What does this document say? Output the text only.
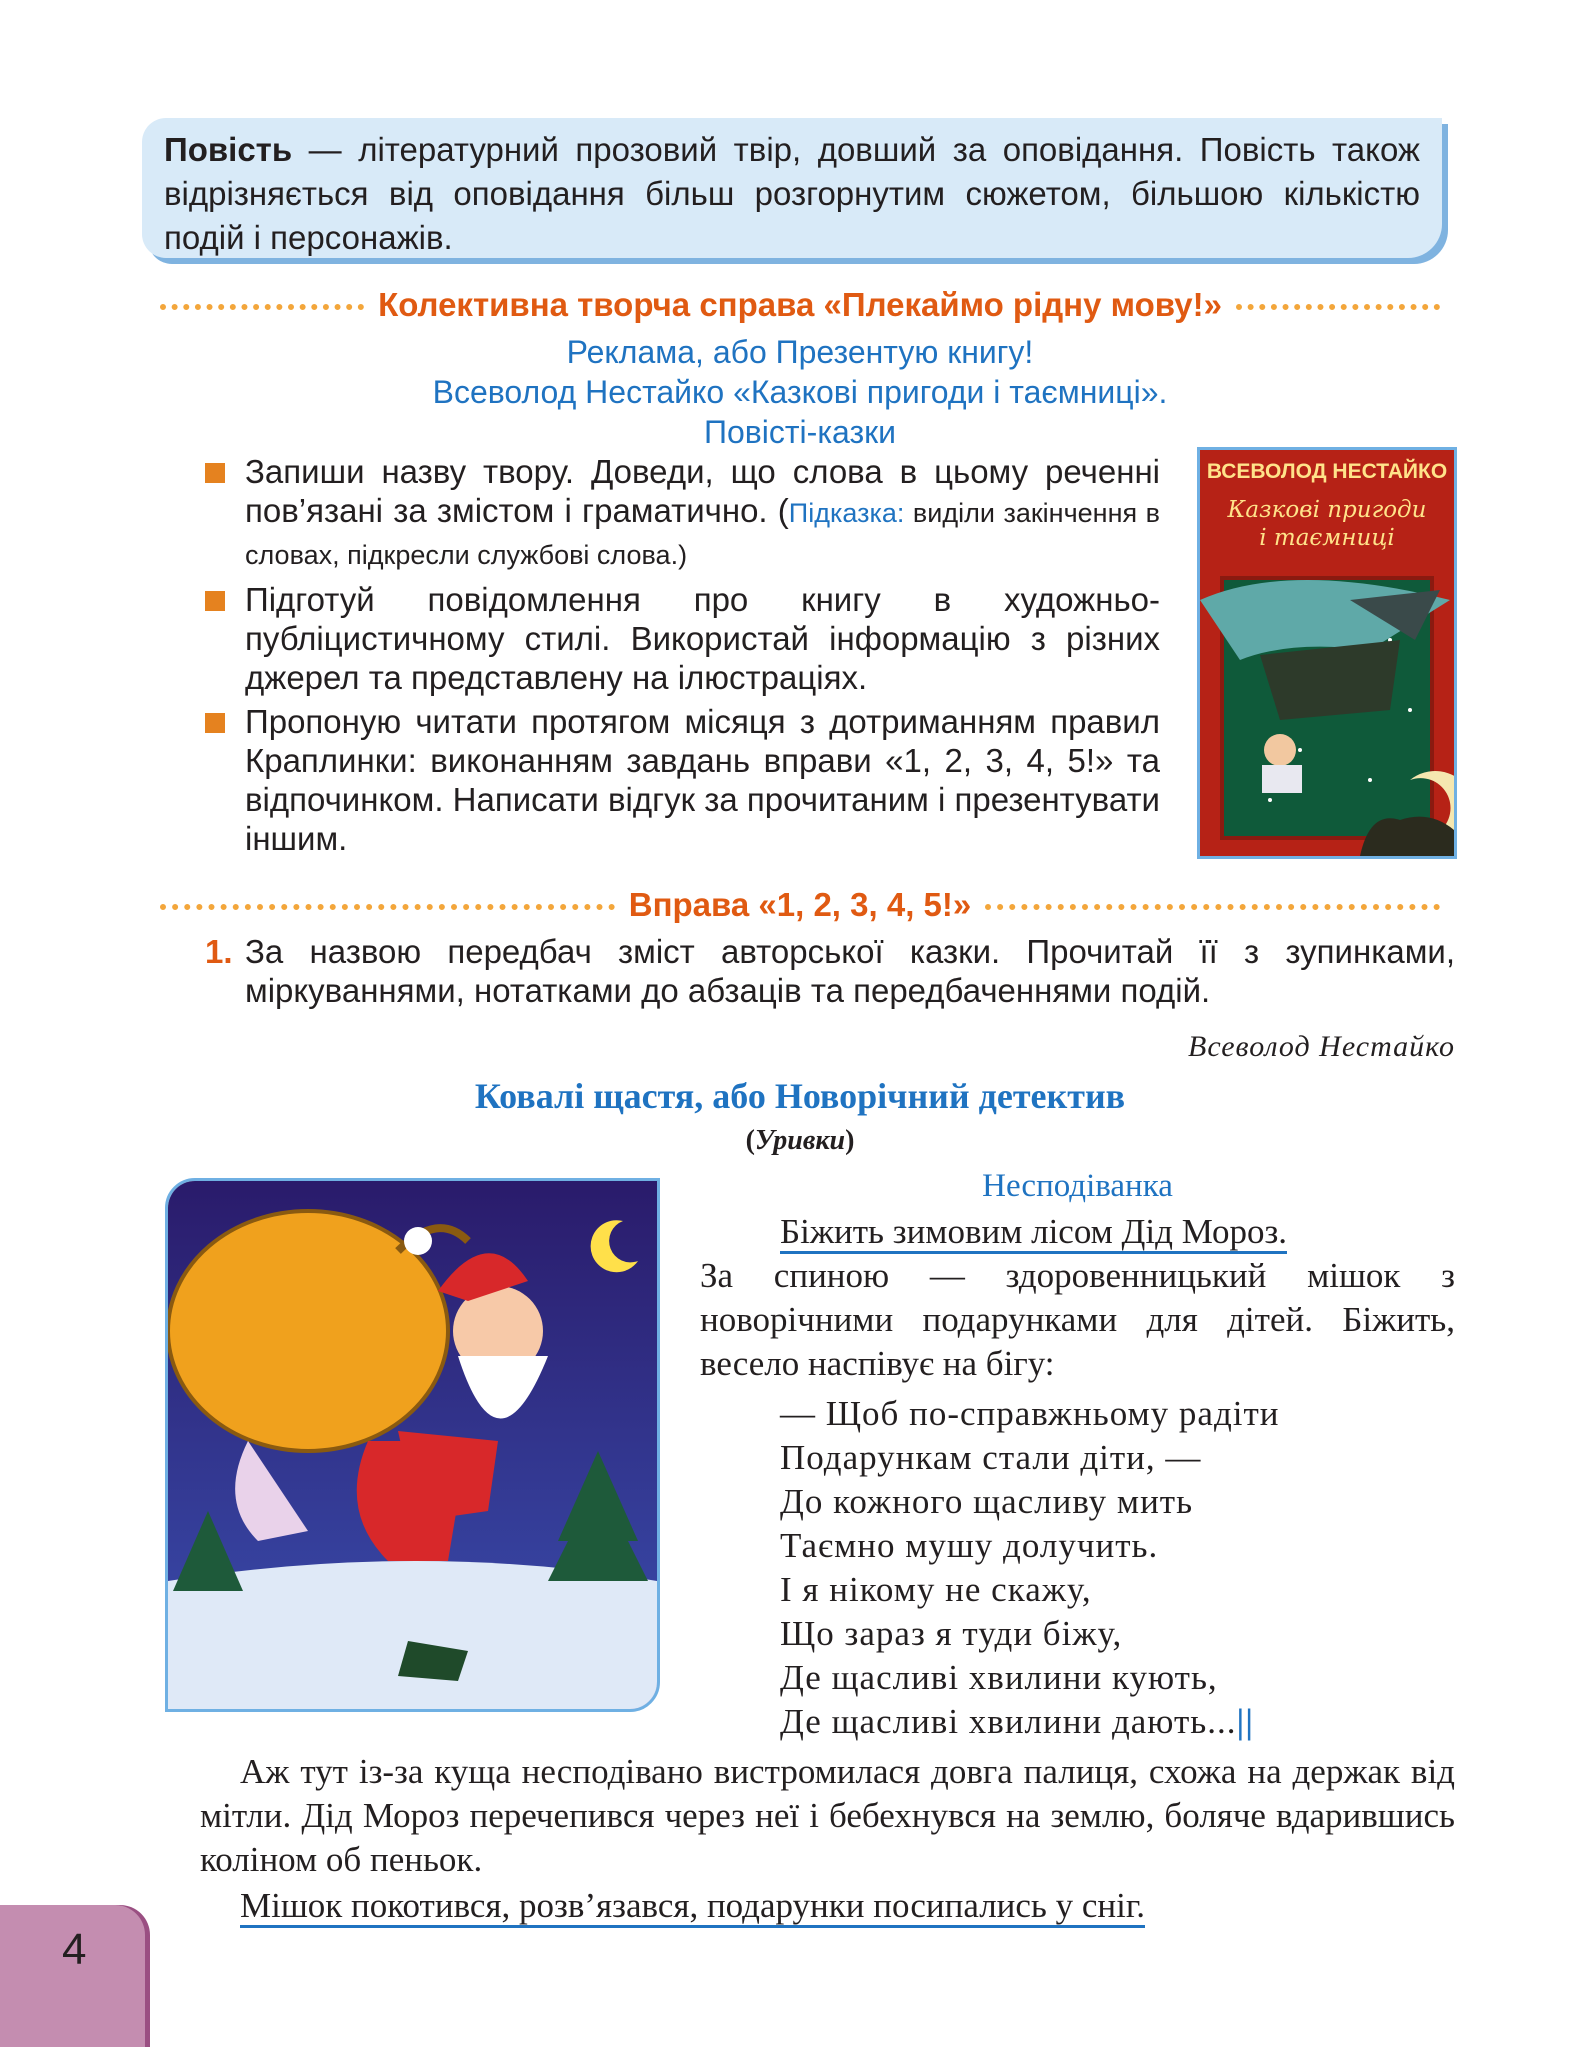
Повість — літературний прозовий твір, довший за оповідання. Повість також відрізняється від оповідання більш розгорнутим сюжетом, більшою кількістю подій і персонажів.
Колективна творча справа «Плекаймо рідну мову!»
Реклама, або Презентую книгу!
Всеволод Нестайко «Казкові пригоди і таємниці».
Повісті-казки
Запиши назву твору. Доведи, що слова в цьому реченні пов’язані за змістом і граматично. (Підказка: виділи закінчення в словах, підкресли службові слова.)
Підготуй повідомлення про книгу в художньо-публіцистичному стилі. Використай інформацію з різних джерел та представлену на ілюстраціях.
Пропоную читати протягом місяця з дотриманням правил Краплинки: виконанням завдань вправи «1, 2, 3, 4, 5!» та відпочинком. Написати відгук за прочитаним і презентувати іншим.
ВСЕВОЛОД НЕСТАЙКО
Казкові пригоди
і таємниці
Вправа «1, 2, 3, 4, 5!»
1. За назвою передбач зміст авторської казки. Прочитай її з зупинками, міркуваннями, нотатками до абзаців та передбаченнями подій.
Всеволод Нестайко
Ковалі щастя, або Новорічний детектив
(Уривки)
Несподіванка
Біжить зимовим лісом Дід Мороз.
За спиною — здоровенницький мішок з новорічними подарунками для дітей. Біжить, весело наспівує на бігу:
— Щоб по-справжньому радіти
Подарункам стали діти, —
До кожного щасливу мить
Таємно мушу долучить.
І я нікому не скажу,
Що зараз я туди біжу,
Де щасливі хвилини кують,
Де щасливі хвилини дають...||
Аж тут із-за куща несподівано вистромилася довга палиця, схожа на держак від мітли. Дід Мороз перечепився через неї і бебехнувся на землю, боляче вдарившись коліном об пеньок.
Мішок покотився, розв’язався, подарунки посипались у сніг.
4
